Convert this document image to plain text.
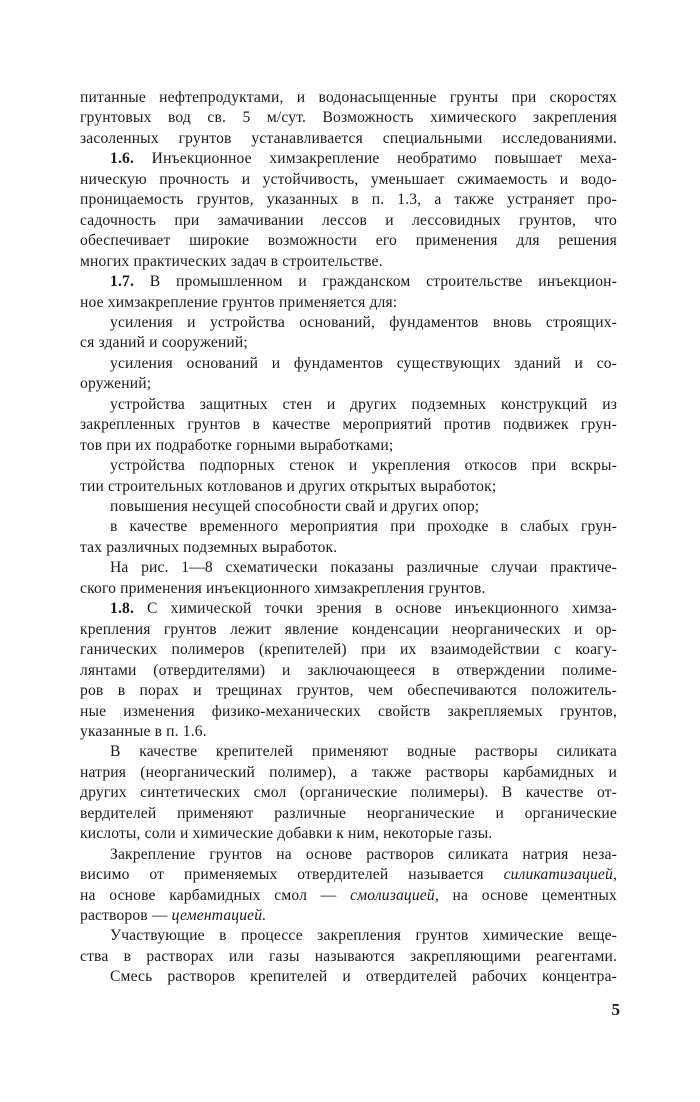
питанные нефтепродуктами, и водонасыщенные грунты при скоростях
грунтовых вод св. 5 м/сут. Возможность химического закрепления
засоленных грунтов устанавливается специальными исследованиями.
1.6. Инъекционное химзакрепление необратимо повышает меха-
ническую прочность и устойчивость, уменьшает сжимаемость и водо-
проницаемость грунтов, указанных в п. 1.3, а также устраняет про-
садочность при замачивании лессов и лессовидных грунтов, что
обеспечивает широкие возможности его применения для решения
многих практических задач в строительстве.
1.7. В промышленном и гражданском строительстве инъекцион-
ное химзакрепление грунтов применяется для:
усиления и устройства оснований, фундаментов вновь строящих-
ся зданий и сооружений;
усиления оснований и фундаментов существующих зданий и со-
оружений;
устройства защитных стен и других подземных конструкций из
закрепленных грунтов в качестве мероприятий против подвижек грун-
тов при их подработке горными выработками;
устройства подпорных стенок и укрепления откосов при вскры-
тии строительных котлованов и других открытых выработок;
повышения несущей способности свай и других опор;
в качестве временного мероприятия при проходке в слабых грун-
тах различных подземных выработок.
На рис. 1—8 схематически показаны различные случаи практиче-
ского применения инъекционного химзакрепления грунтов.
1.8. С химической точки зрения в основе инъекционного химза-
крепления грунтов лежит явление конденсации неорганических и ор-
ганических полимеров (крепителей) при их взаимодействии с коагу-
лянтами (отвердителями) и заключающееся в отверждении полиме-
ров в порах и трещинах грунтов, чем обеспечиваются положитель-
ные изменения физико-механических свойств закрепляемых грунтов,
указанные в п. 1.6.
В качестве крепителей применяют водные растворы силиката
натрия (неорганический полимер), а также растворы карбамидных и
других синтетических смол (органические полимеры). В качестве от-
вердителей применяют различные неорганические и органические
кислоты, соли и химические добавки к ним, некоторые газы.
Закрепление грунтов на основе растворов силиката натрия неза-
висимо от применяемых отвердителей называется силикатизацией,
на основе карбамидных смол — смолизацией, на основе цементных
растворов — цементацией.
Участвующие в процессе закрепления грунтов химические веще-
ства в растворах или газы называются закрепляющими реагентами.
Смесь растворов крепителей и отвердителей рабочих концентра-
5
